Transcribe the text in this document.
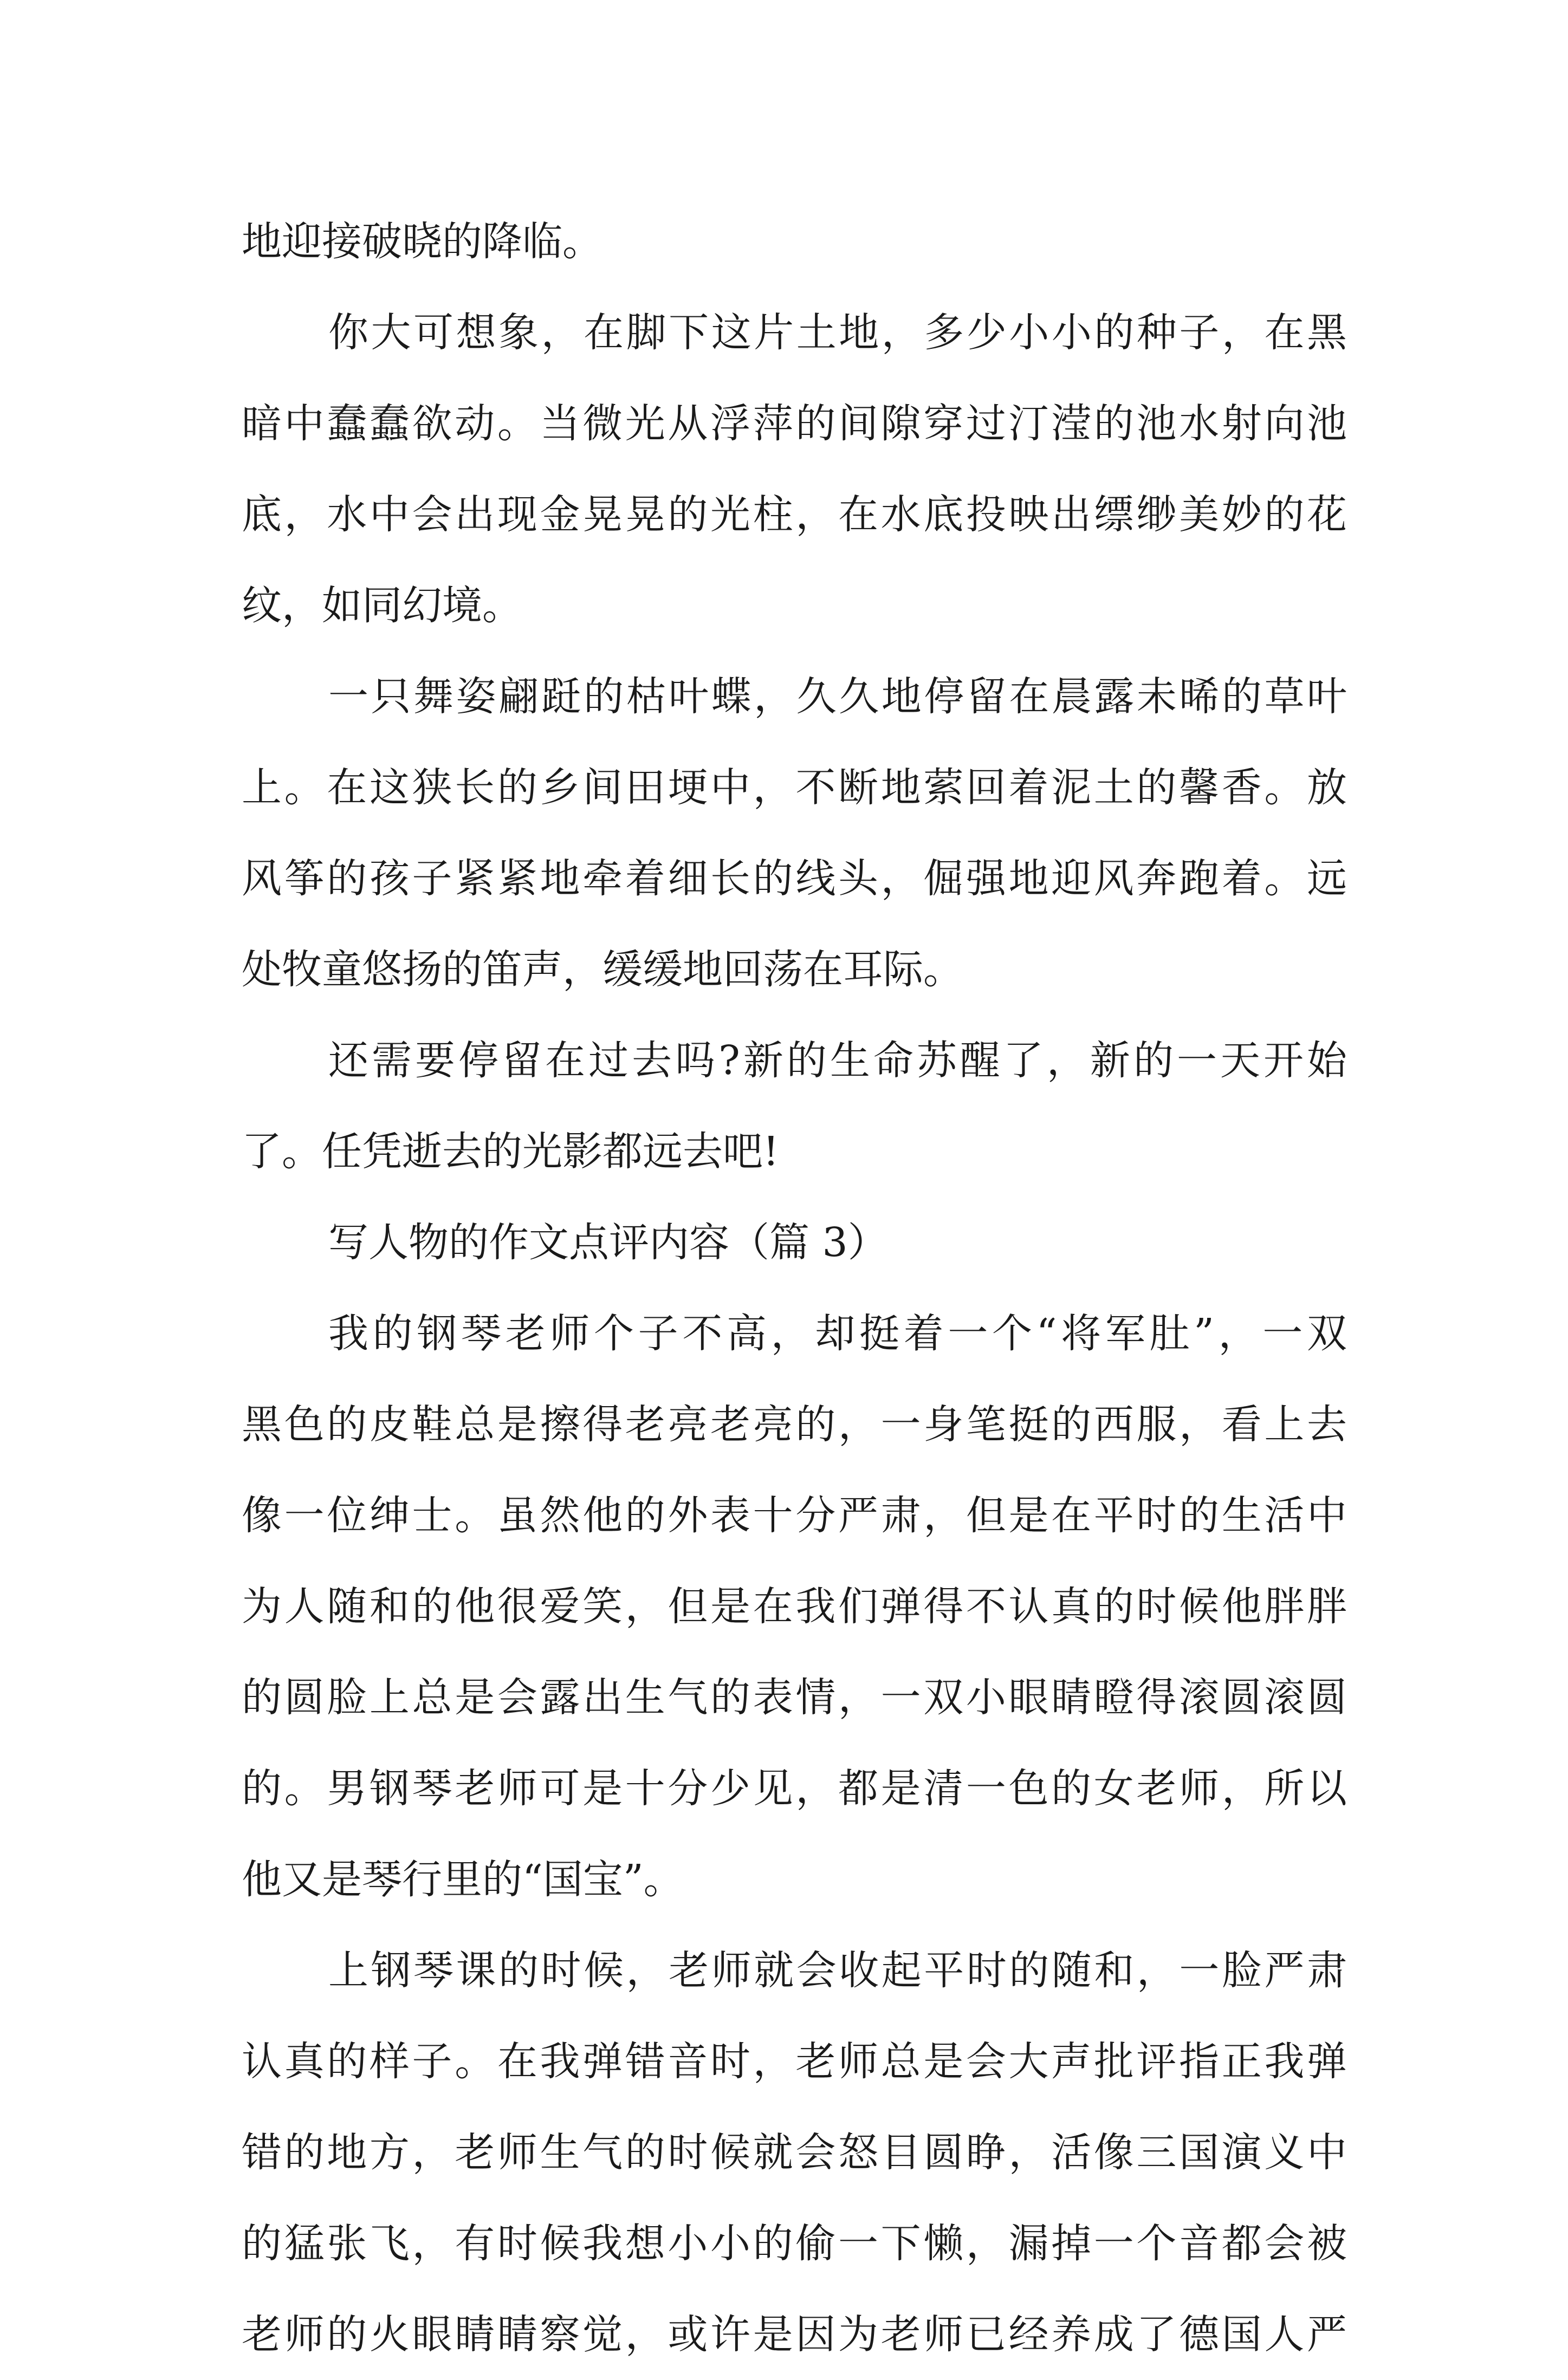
地迎接破晓的降临。
你大可想象，在脚下这片土地，多少小小的种子，在黑
暗中蠢蠢欲动。当微光从浮萍的间隙穿过汀滢的池水射向池
底，水中会出现金晃晃的光柱，在水底投映出缥缈美妙的花
纹，如同幻境。
一只舞姿翩跹的枯叶蝶，久久地停留在晨露未晞的草叶
上。在这狭长的乡间田埂中，不断地萦回着泥土的馨香。放
风筝的孩子紧紧地牵着细长的线头，倔强地迎风奔跑着。远
处牧童悠扬的笛声，缓缓地回荡在耳际。
还需要停留在过去吗?新的生命苏醒了，新的一天开始
了。任凭逝去的光影都远去吧!
写人物的作文点评内容（篇 3）
我的钢琴老师个子不高，却挺着一个“将军肚”，一双
黑色的皮鞋总是擦得老亮老亮的，一身笔挺的西服，看上去
像一位绅士。虽然他的外表十分严肃，但是在平时的生活中
为人随和的他很爱笑，但是在我们弹得不认真的时候他胖胖
的圆脸上总是会露出生气的表情，一双小眼睛瞪得滚圆滚圆
的。男钢琴老师可是十分少见，都是清一色的女老师，所以
他又是琴行里的“国宝”。
上钢琴课的时候，老师就会收起平时的随和，一脸严肃
认真的样子。在我弹错音时，老师总是会大声批评指正我弹
错的地方，老师生气的时候就会怒目圆睁，活像三国演义中
的猛张飞，有时候我想小小的偷一下懒，漏掉一个音都会被
老师的火眼睛睛察觉，或许是因为老师已经养成了德国人严
